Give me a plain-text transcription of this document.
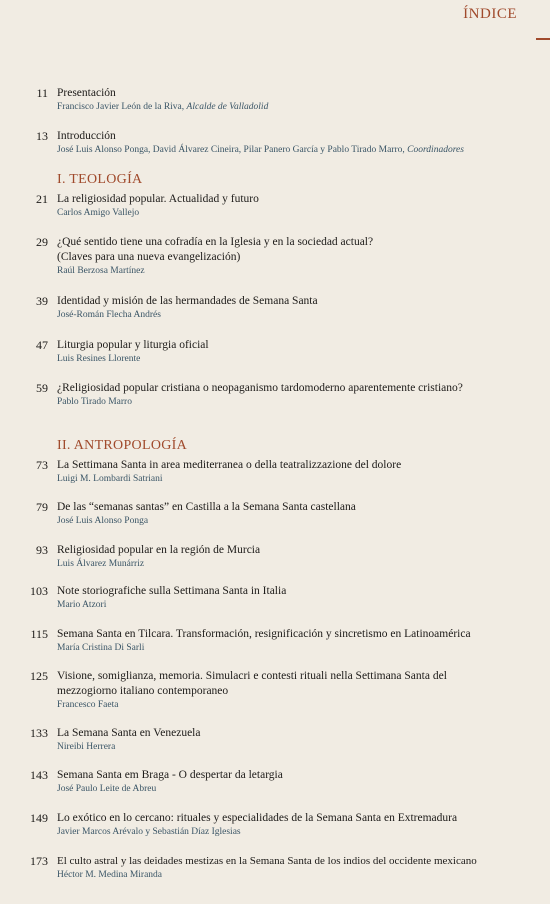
ÍNDICE
11 Presentación
Francisco Javier León de la Riva, Alcalde de Valladolid
13 Introducción
José Luis Alonso Ponga, David Álvarez Cineira, Pilar Panero García y Pablo Tirado Marro, Coordinadores
I. TEOLOGÍA
21 La religiosidad popular. Actualidad y futuro
Carlos Amigo Vallejo
29 ¿Qué sentido tiene una cofradía en la Iglesia y en la sociedad actual?
(Claves para una nueva evangelización)
Raúl Berzosa Martínez
39 Identidad y misión de las hermandades de Semana Santa
José-Román Flecha Andrés
47 Liturgia popular y liturgia oficial
Luis Resines Llorente
59 ¿Religiosidad popular cristiana o neopaganismo tardomoderno aparentemente cristiano?
Pablo Tirado Marro
II. ANTROPOLOGÍA
73 La Settimana Santa in area mediterranea o della teatralizzazione del dolore
Luigi M. Lombardi Satriani
79 De las “semanas santas” en Castilla a la Semana Santa castellana
José Luis Alonso Ponga
93 Religiosidad popular en la región de Murcia
Luis Álvarez Munárriz
103 Note storiografiche sulla Settimana Santa in Italia
Mario Atzori
115 Semana Santa en Tilcara. Transformación, resignificación y sincretismo en Latinoamérica
María Cristina Di Sarli
125 Visione, somiglianza, memoria. Simulacri e contesti rituali nella Settimana Santa del
mezzogiorno italiano contemporaneo
Francesco Faeta
133 La Semana Santa en Venezuela
Nireibi Herrera
143 Semana Santa em Braga - O despertar da letargia
José Paulo Leite de Abreu
149 Lo exótico en lo cercano: rituales y especialidades de la Semana Santa en Extremadura
Javier Marcos Arévalo y Sebastián Díaz Iglesias
173 El culto astral y las deidades mestizas en la Semana Santa de los indios del occidente mexicano
Héctor M. Medina Miranda
